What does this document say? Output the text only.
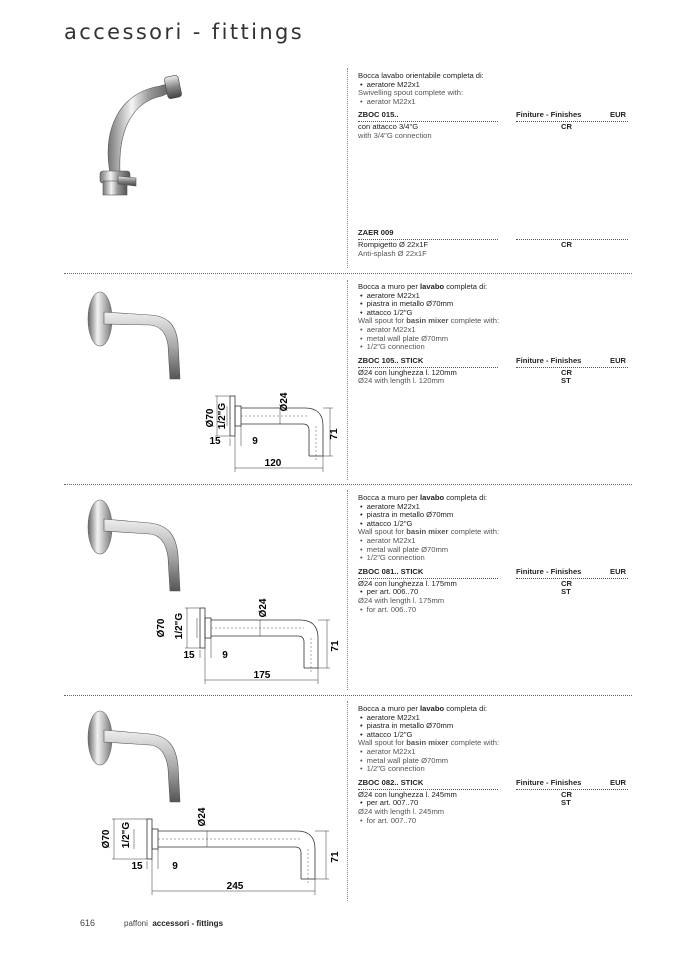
accessori - fittings
Bocca lavabo orientabile completa di:
• aeratore M22x1
Swivelling spout complete with:
• aerator M22x1
ZBOC 015..	Finiture - Finishes	EUR
con attacco 3/4"G	CR
with 3/4"G connection
ZAER 009
Rompigetto Ø 22x1F	CR
Anti-splash Ø 22x1F
Bocca a muro per lavabo completa di:
• aeratore M22x1
• piastra in metallo Ø70mm
• attacco 1/2"G
Wall spout for basin mixer complete with:
• aerator M22x1
• metal wall plate Ø70mm
• 1/2"G connection
ZBOC 105.. STICK	Finiture - Finishes	EUR
Ø24 con lunghezza l. 120mm	CR
Ø24 with length l. 120mm	ST
Ø70 1/2"G
Ø24
71
15	9
120
Bocca a muro per lavabo completa di:
• aeratore M22x1
• piastra in metallo Ø70mm
• attacco 1/2"G
Wall spout for basin mixer complete with:
• aerator M22x1
• metal wall plate Ø70mm
• 1/2"G connection
ZBOC 081.. STICK	Finiture - Finishes	EUR
Ø24 con lunghezza l. 175mm	CR
• per art. 006..70	ST
Ø24 with length l. 175mm
• for art. 006..70
Ø70 1/2"G
Ø24
71
15	9
175
Bocca a muro per lavabo completa di:
• aeratore M22x1
• piastra in metallo Ø70mm
• attacco 1/2"G
Wall spout for basin mixer complete with:
• aerator M22x1
• metal wall plate Ø70mm
• 1/2"G connection
ZBOC 082.. STICK	Finiture - Finishes	EUR
Ø24 con lunghezza l. 245mm	CR
• per art. 007..70	ST
Ø24 with length l. 245mm
• for art. 007..70
Ø70 1/2"G
Ø24
71
15	9
245
616	paffoni accessori - fittings
